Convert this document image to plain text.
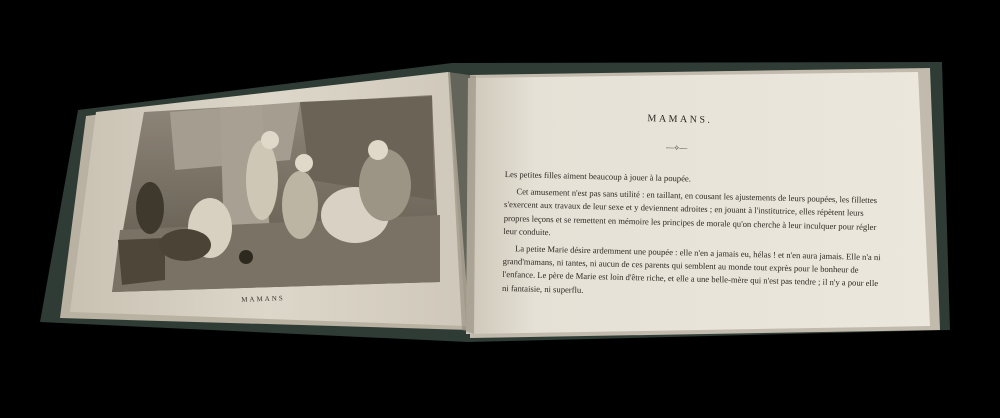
MAMANS
MAMANS.
—⟡—

Les petites filles aiment beaucoup à jouer à la poupée.

Cet amusement n'est pas sans utilité : en taillant, en cousant les ajustements de leurs poupées, les fillettes s'exercent aux travaux de leur sexe et y deviennent adroites ; en jouant à l'institutrice, elles répètent leurs propres leçons et se remettent en mémoire les principes de morale qu'on cherche à leur inculquer pour régler leur conduite.

La petite Marie désire ardemment une poupée : elle n'en a jamais eu, hélas ! et n'en aura jamais. Elle n'a ni grand'mamans, ni tantes, ni aucun de ces parents qui semblent au monde tout exprès pour le bonheur de l'enfance. Le père de Marie est loin d'être riche, et elle a une belle-mère qui n'est pas tendre ; il n'y a pour elle ni fantaisie, ni superflu.
